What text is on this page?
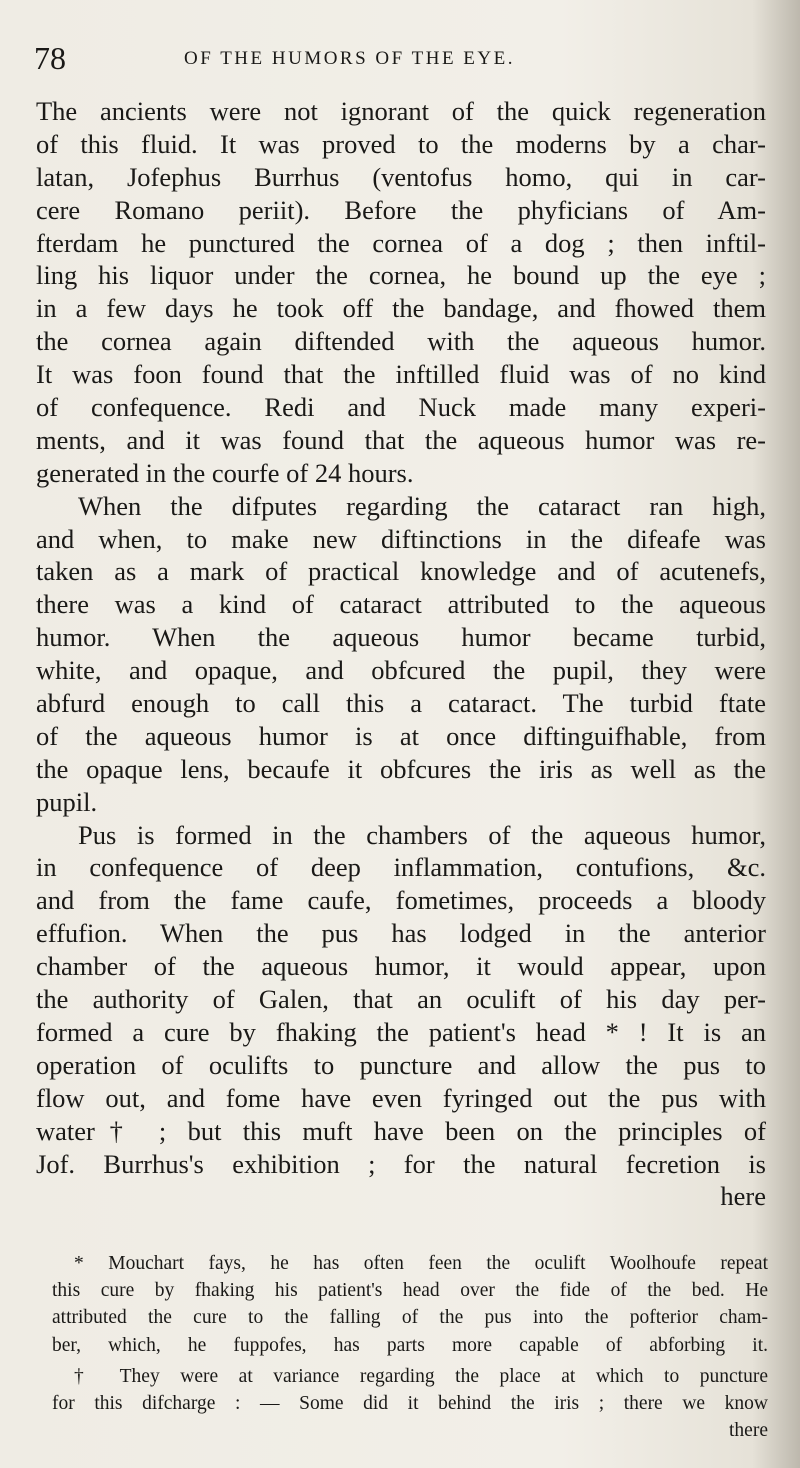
78	OF THE HUMORS OF THE EYE.
The ancients were not ignorant of the quick regeneration
of this fluid. It was proved to the moderns by a char-
latan, Jofephus Burrhus (ventofus homo, qui in car-
cere Romano periit). Before the phyficians of Am-
fterdam he punctured the cornea of a dog ; then inftil-
ling his liquor under the cornea, he bound up the eye ;
in a few days he took off the bandage, and fhowed them
the cornea again diftended with the aqueous humor.
It was foon found that the inftilled fluid was of no kind
of confequence. Redi and Nuck made many experi-
ments, and it was found that the aqueous humor was re-
generated in the courfe of 24 hours.
When the difputes regarding the cataract ran high,
and when, to make new diftinctions in the difeafe was
taken as a mark of practical knowledge and of acutenefs,
there was a kind of cataract attributed to the aqueous
humor. When the aqueous humor became turbid,
white, and opaque, and obfcured the pupil, they were
abfurd enough to call this a cataract. The turbid ftate
of the aqueous humor is at once diftinguifhable, from
the opaque lens, becaufe it obfcures the iris as well as the
pupil.
Pus is formed in the chambers of the aqueous humor,
in confequence of deep inflammation, contufions, &c.
and from the fame caufe, fometimes, proceeds a bloody
effufion. When the pus has lodged in the anterior
chamber of the aqueous humor, it would appear, upon
the authority of Galen, that an oculift of his day per-
formed a cure by fhaking the patient's head * ! It is an
operation of oculifts to puncture and allow the pus to
flow out, and fome have even fyringed out the pus with
water† ; but this muft have been on the principles of
Jof. Burrhus's exhibition ; for the natural fecretion is
here
* Mouchart fays, he has often feen the oculift Woolhoufe repeat
this cure by fhaking his patient's head over the fide of the bed. He
attributed the cure to the falling of the pus into the pofterior cham-
ber, which, he fuppofes, has parts more capable of abforbing it.
† They were at variance regarding the place at which to puncture
for this difcharge : — Some did it behind the iris ; there we know
there
